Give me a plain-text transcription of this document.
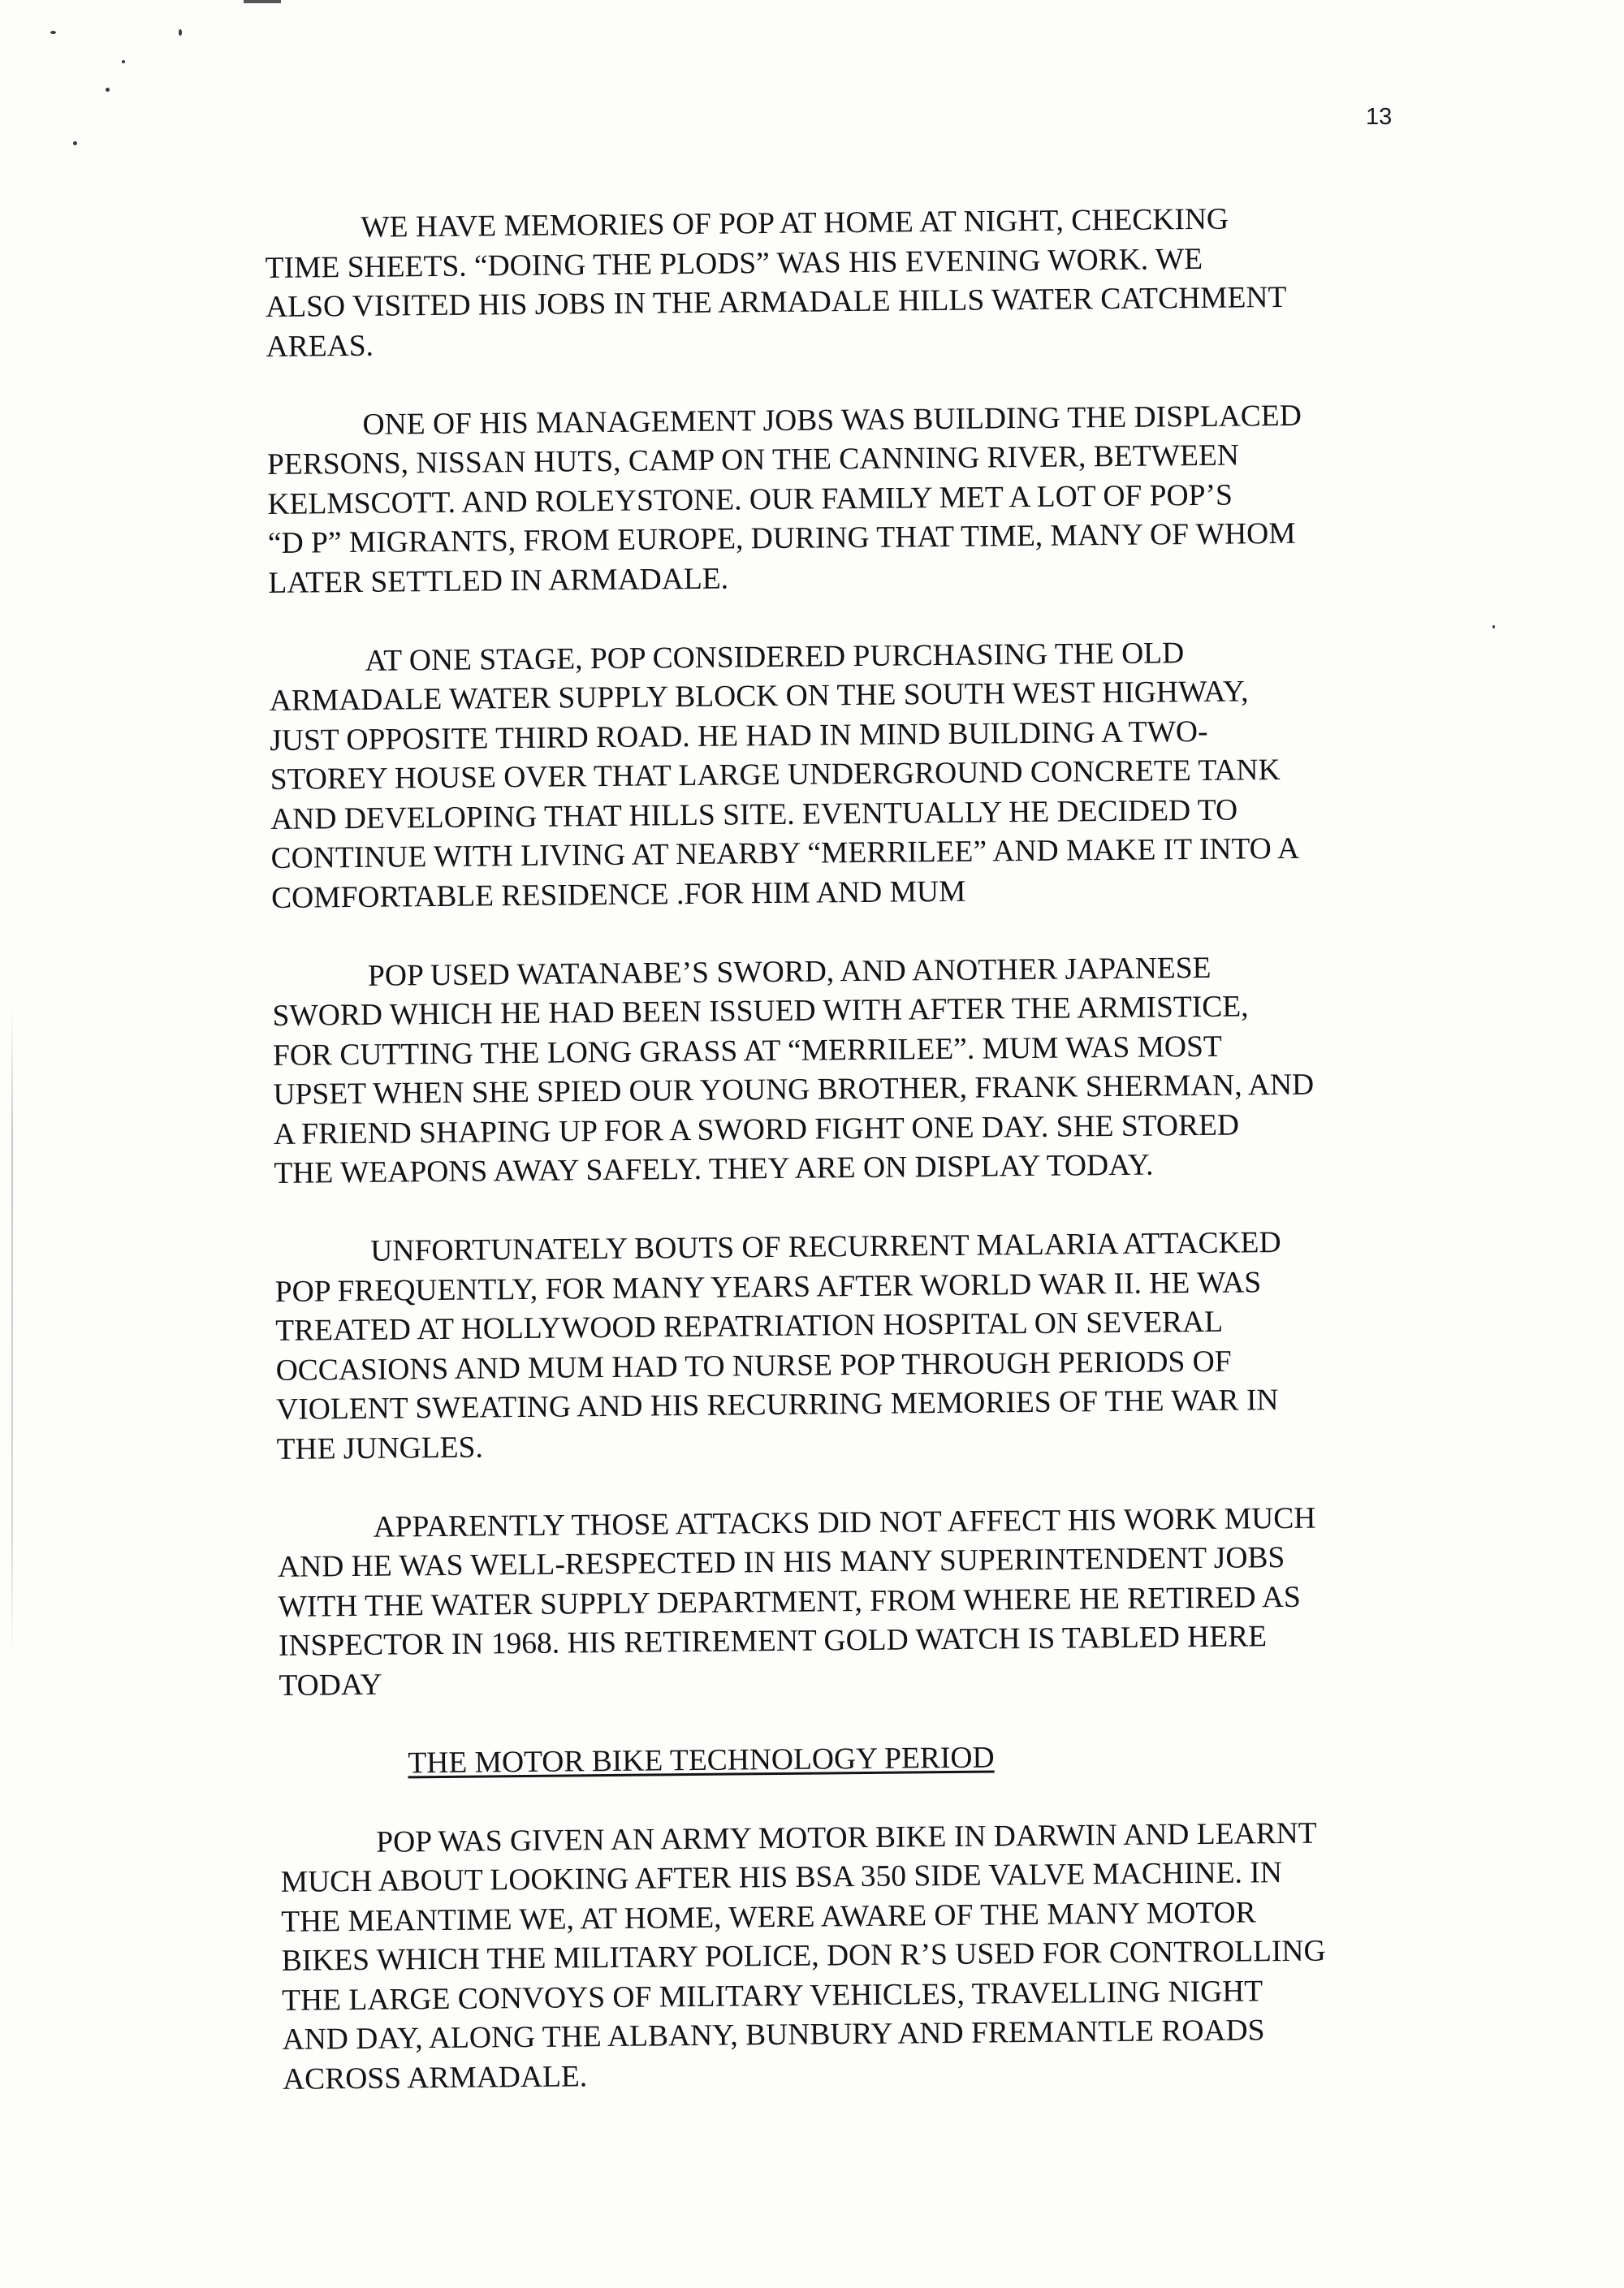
13

WE HAVE MEMORIES OF POP AT HOME AT NIGHT, CHECKING
TIME SHEETS. “DOING THE PLODS” WAS HIS EVENING WORK. WE
ALSO VISITED HIS JOBS IN THE ARMADALE HILLS WATER CATCHMENT
AREAS.

ONE OF HIS MANAGEMENT JOBS WAS BUILDING THE DISPLACED
PERSONS, NISSAN HUTS, CAMP ON THE CANNING RIVER, BETWEEN
KELMSCOTT. AND ROLEYSTONE. OUR FAMILY MET A LOT OF POP’S
“D P” MIGRANTS, FROM EUROPE, DURING THAT TIME, MANY OF WHOM
LATER SETTLED IN ARMADALE.

AT ONE STAGE, POP CONSIDERED PURCHASING THE OLD
ARMADALE WATER SUPPLY BLOCK ON THE SOUTH WEST HIGHWAY,
JUST OPPOSITE THIRD ROAD. HE HAD IN MIND BUILDING A TWO-
STOREY HOUSE OVER THAT LARGE UNDERGROUND CONCRETE TANK
AND DEVELOPING THAT HILLS SITE. EVENTUALLY HE DECIDED TO
CONTINUE WITH LIVING AT NEARBY “MERRILEE” AND MAKE IT INTO A
COMFORTABLE RESIDENCE .FOR HIM AND MUM

POP USED WATANABE’S SWORD, AND ANOTHER JAPANESE
SWORD WHICH HE HAD BEEN ISSUED WITH AFTER THE ARMISTICE,
FOR CUTTING THE LONG GRASS AT “MERRILEE”. MUM WAS MOST
UPSET WHEN SHE SPIED OUR YOUNG BROTHER, FRANK SHERMAN, AND
A FRIEND SHAPING UP FOR A SWORD FIGHT ONE DAY. SHE STORED
THE WEAPONS AWAY SAFELY. THEY ARE ON DISPLAY TODAY.

UNFORTUNATELY BOUTS OF RECURRENT MALARIA ATTACKED
POP FREQUENTLY, FOR MANY YEARS AFTER WORLD WAR II. HE WAS
TREATED AT HOLLYWOOD REPATRIATION HOSPITAL ON SEVERAL
OCCASIONS AND MUM HAD TO NURSE POP THROUGH PERIODS OF
VIOLENT SWEATING AND HIS RECURRING MEMORIES OF THE WAR IN
THE JUNGLES.

APPARENTLY THOSE ATTACKS DID NOT AFFECT HIS WORK MUCH
AND HE WAS WELL-RESPECTED IN HIS MANY SUPERINTENDENT JOBS
WITH THE WATER SUPPLY DEPARTMENT, FROM WHERE HE RETIRED AS
INSPECTOR IN 1968. HIS RETIREMENT GOLD WATCH IS TABLED HERE
TODAY

THE MOTOR BIKE TECHNOLOGY PERIOD

POP WAS GIVEN AN ARMY MOTOR BIKE IN DARWIN AND LEARNT
MUCH ABOUT LOOKING AFTER HIS BSA 350 SIDE VALVE MACHINE. IN
THE MEANTIME WE, AT HOME, WERE AWARE OF THE MANY MOTOR
BIKES WHICH THE MILITARY POLICE, DON R’S USED FOR CONTROLLING
THE LARGE CONVOYS OF MILITARY VEHICLES, TRAVELLING NIGHT
AND DAY, ALONG THE ALBANY, BUNBURY AND FREMANTLE ROADS
ACROSS ARMADALE.
